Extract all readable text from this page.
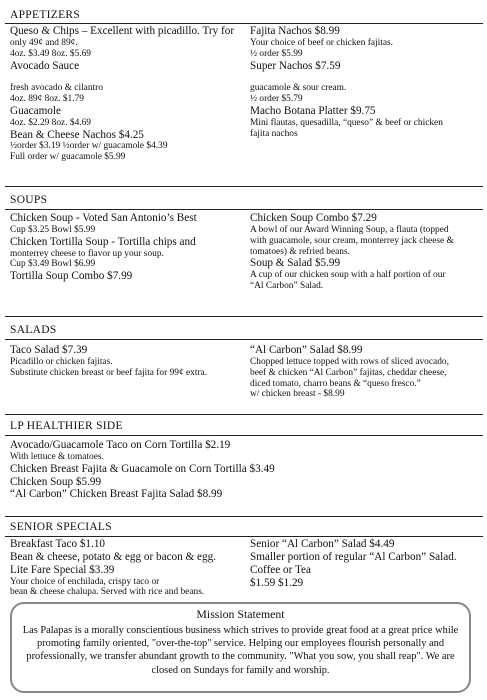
APPETIZERS
Queso & Chips – Excellent with picadillo. Try for
only 49¢ and 89¢.
4oz. $3.49 8oz. $5.69
Avocado Sauce

fresh avocado & cilantro
4oz. 89¢ 8oz. $1.79
Guacamole
4oz. $2.29 8oz. $4.69
Bean & Cheese Nachos $4.25
½order $3.19 ½order w/ guacamole $4.39
Full order w/ guacamole $5.99
Fajita Nachos $8.99
Your choice of beef or chicken fajitas.
½ order $5.99
Super Nachos $7.59

guacamole & sour cream.
½ order $5.79
Macho Botana Platter $9.75
Mini flautas, quesadilla, “queso” & beef or chicken
fajita nachos
SOUPS
Chicken Soup - Voted San Antonio’s Best
Cup $3.25 Bowl $5.99
Chicken Tortilla Soup - Tortilla chips and
monterrey cheese to flavor up your soup.
Cup $3.49 Bowl $6.99
Tortilla Soup Combo $7.99
Chicken Soup Combo $7.29
A bowl of our Award Winning Soup, a flauta (topped
with guacamole, sour cream, monterrey jack cheese &
tomatoes) & refried beans.
Soup & Salad $5.99
A cup of our chicken soup with a half portion of our
“Al Carbon” Salad.
SALADS
Taco Salad $7.39
Picadillo or chicken fajitas.
Substitute chicken breast or beef fajita for 99¢ extra.
“Al Carbon” Salad $8.99
Chopped lettuce topped with rows of sliced avocado,
beef & chicken “Al Carbon” fajitas, cheddar cheese,
diced tomato, charro beans & “queso fresco.”
w/ chicken breast - $8.99
LP HEALTHIER SIDE
Avocado/Guacamole Taco on Corn Tortilla $2.19
With lettuce & tomatoes.
Chicken Breast Fajita & Guacamole on Corn Tortilla $3.49
Chicken Soup $5.99
“Al Carbon” Chicken Breast Fajita Salad $8.99
SENIOR SPECIALS
Breakfast Taco $1.10
Bean & cheese, potato & egg or bacon & egg.
Lite Fare Special $3.39
Your choice of enchilada, crispy taco or
bean & cheese chalupa. Served with rice and beans.
Senior “Al Carbon” Salad $4.49
Smaller portion of regular “Al Carbon” Salad.
Coffee or Tea
$1.59 $1.29
Mission Statement
Las Palapas is a morally conscientious business which strives to provide great food at a great price while promoting family oriented, "over-the-top" service. Helping our employees flourish personally and professionally, we transfer abundant growth to the community. "What you sow, you shall reap". We are closed on Sundays for family and worship.
